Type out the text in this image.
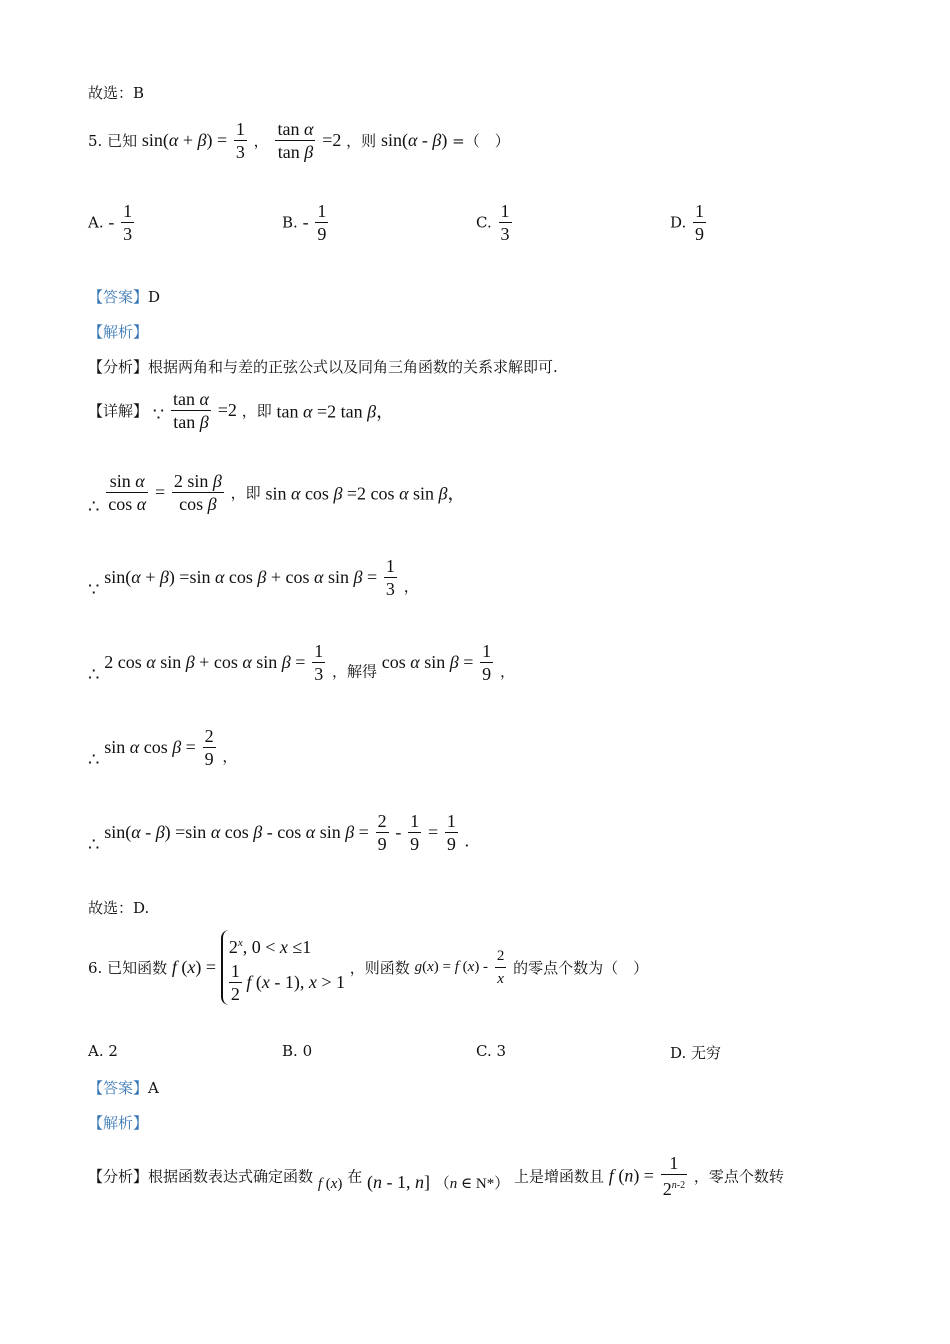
故选：B
5. 已知 $\sin(\alpha + \beta) = \frac{1}{3}$ ， $\frac{\text{tan α}}{\text{tan β}} =2$ ，则 sin(α - β) =（　）
A. - $\frac{1}{3}$	B. - $\frac{1}{9}$	C. $\frac{1}{3}$	D. $\frac{1}{9}$
【答案】D
【解析】
【分析】根据两角和与差的正弦公式以及同角三角函数的关系求解即可.
【详解】 ∵ $\frac{\text{tan α}}{\text{tan β}} =2$ ，即 tan α =2 tan β，
∴ $\frac{\text{sin α}}{\text{cos α}} = \frac{\text{2 sin β}}{\text{cos β}}$ ，即 sin α cos β =2 cos α sin β，
∵ sin(α + β) =sin α cos β + cos α $\sin \beta = \frac{1}{3}$ ，
∴ 2 cos α sin β + cos α $\sin \beta = \frac{1}{3}$ ，解得 cos α $\sin \beta = \frac{1}{9}$ ，
∴ sin α $\cos \beta = \frac{2}{9}$ ，
∴ sin(α - β) =sin α cos β - cos α $\sin \beta = \frac{2}{9} - \frac{1}{9} = \frac{1}{9}$ .
故选：D.
6. 已知函数 f (x) =
2$^x$, 0 < x ≤1
$\frac{1}{2}$ f (x - 1), x > 1
，则函数 g(x) = f $(x) - \frac{2}{x}$ 的零点个数为（　）
A. 2	B. 0	C. 3	D. 无穷
【答案】A
【解析】
【分析】根据函数表达式确定函数 f (x) 在 (n - 1, n] （n ∈ N*） 上是增函数且 f $(n) = \frac{1}{2^{n-2}}$ ，零点个数转
